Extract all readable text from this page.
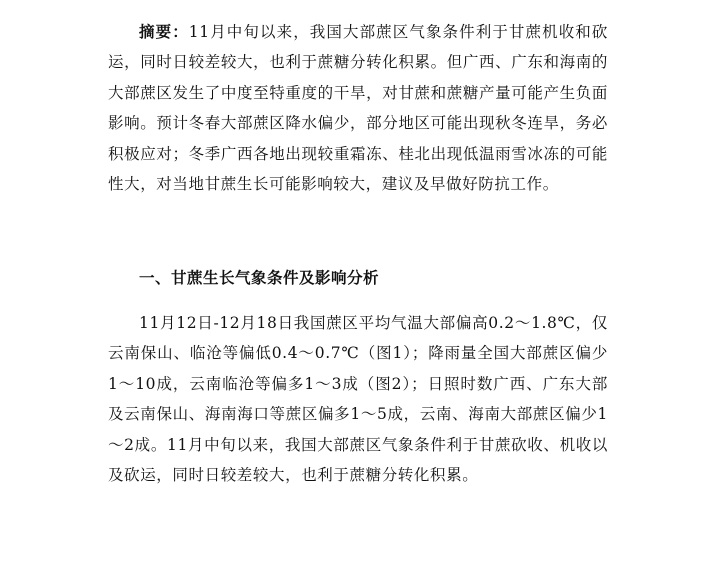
摘要：11月中旬以来，我国大部蔗区气象条件利于甘蔗机收和砍运，同时日较差较大，也利于蔗糖分转化积累。但广西、广东和海南的大部蔗区发生了中度至特重度的干旱，对甘蔗和蔗糖产量可能产生负面影响。预计冬春大部蔗区降水偏少，部分地区可能出现秋冬连旱，务必积极应对；冬季广西各地出现较重霜冻、桂北出现低温雨雪冰冻的可能性大，对当地甘蔗生长可能影响较大，建议及早做好防抗工作。

一、甘蔗生长气象条件及影响分析

11月12日-12月18日我国蔗区平均气温大部偏高0.2～1.8℃，仅云南保山、临沧等偏低0.4～0.7℃（图1）；降雨量全国大部蔗区偏少1～10成，云南临沧等偏多1～3成（图2）；日照时数广西、广东大部及云南保山、海南海口等蔗区偏多1～5成，云南、海南大部蔗区偏少1～2成。11月中旬以来，我国大部蔗区气象条件利于甘蔗砍收、机收以及砍运，同时日较差较大，也利于蔗糖分转化积累。
